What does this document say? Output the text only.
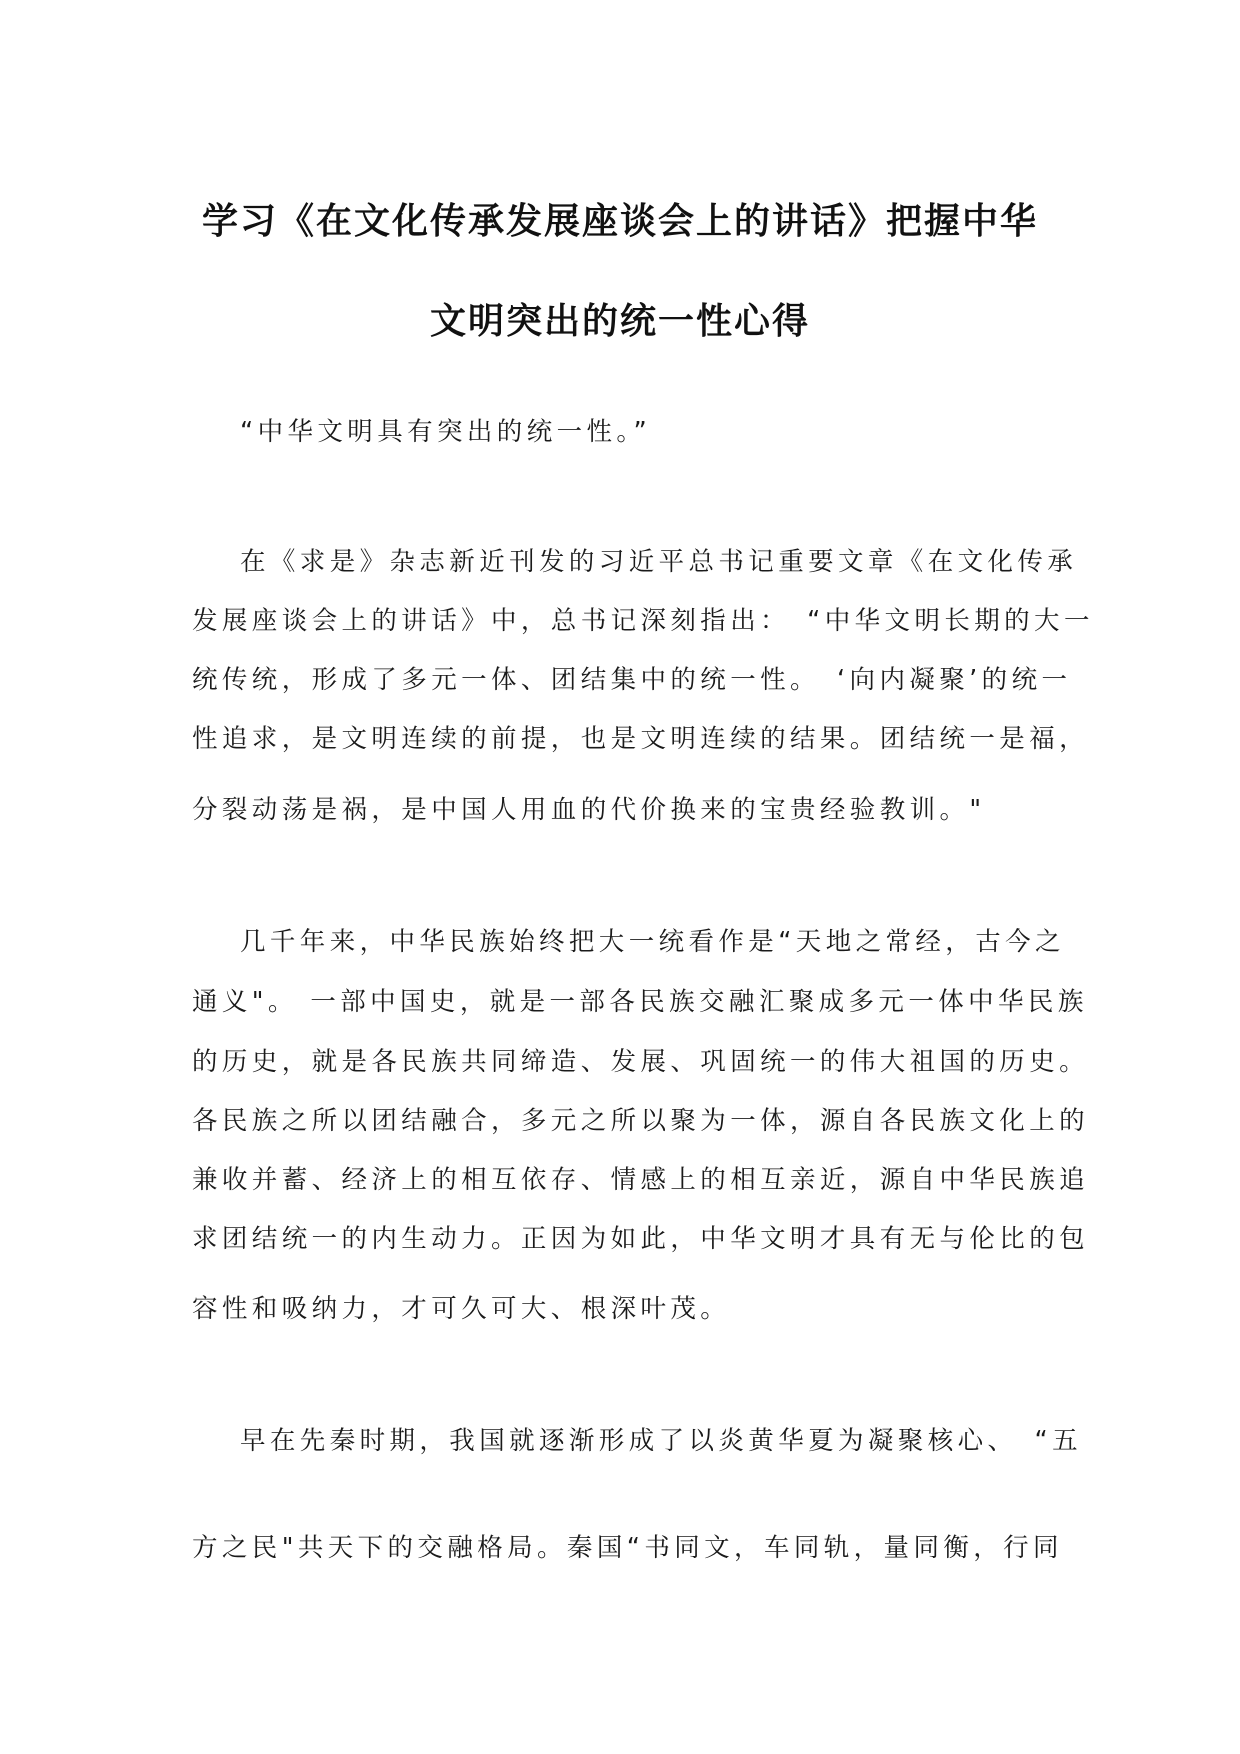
学习《在文化传承发展座谈会上的讲话》把握中华
文明突出的统一性心得
“中华文明具有突出的统一性。”
在《求是》杂志新近刊发的习近平总书记重要文章《在文化传承
发展座谈会上的讲话》中，总书记深刻指出：　“中华文明长期的大一
统传统，形成了多元一体、团结集中的统一性。　‘向内凝聚’的统一
性追求，是文明连续的前提，也是文明连续的结果。团结统一是福，
分裂动荡是祸，是中国人用血的代价换来的宝贵经验教训。"
几千年来，中华民族始终把大一统看作是“天地之常经，古今之
通义"。 一部中国史，就是一部各民族交融汇聚成多元一体中华民族
的历史，就是各民族共同缔造、发展、巩固统一的伟大祖国的历史。
各民族之所以团结融合，多元之所以聚为一体，源自各民族文化上的
兼收并蓄、经济上的相互依存、情感上的相互亲近，源自中华民族追
求团结统一的内生动力。正因为如此，中华文明才具有无与伦比的包
容性和吸纳力，才可久可大、根深叶茂。
早在先秦时期，我国就逐渐形成了以炎黄华夏为凝聚核心、　“五
方之民"共天下的交融格局。秦国“书同文，车同轨，量同衡，行同
